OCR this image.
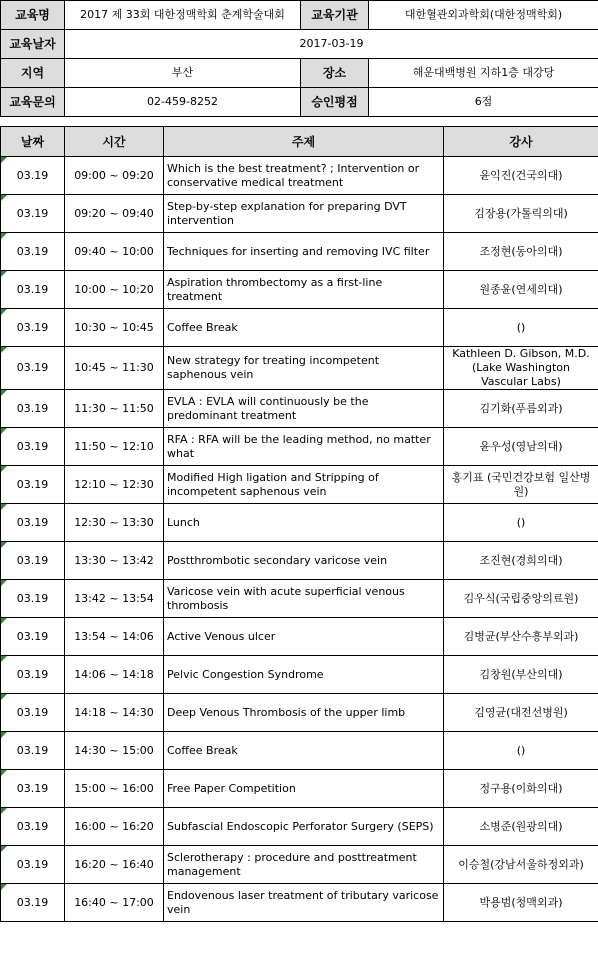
교육명	2017 제 33회 대한정맥학회 춘계학술대회	교육기관	대한혈관외과학회(대한정맥학회)
교육날자	2017-03-19		
지역	부산	장소	해운대백병원 지하1층 대강당
교육문의	02-459-8252	승인평점	6점
날짜	시간	주제	강사

03.19	09:00 ~ 09:20	Which is the best treatment? ; Intervention or conservative medical treatment	윤익진(건국의대)

03.19	09:20 ~ 09:40	Step-by-step explanation for preparing DVT intervention	김장용(가톨릭의대)

03.19	09:40 ~ 10:00	Techniques for inserting and removing IVC filter	조정현(동아의대)

03.19	10:00 ~ 10:20	Aspiration thrombectomy as a first-line treatment	원종윤(연세의대)

03.19	10:30 ~ 10:45	Coffee Break	()

03.19	10:45 ~ 11:30	New strategy for treating incompetent saphenous vein	Kathleen D. Gibson, M.D. (Lake Washington Vascular Labs)

03.19	11:30 ~ 11:50	EVLA : EVLA will continuously be the predominant treatment	김기화(푸름외과)

03.19	11:50 ~ 12:10	RFA : RFA will be the leading method, no matter what	윤우성(영남의대)

03.19	12:10 ~ 12:30	Modified High ligation and Stripping of incompetent saphenous vein	홍기표 (국민건강보험 일산병원)

03.19	12:30 ~ 13:30	Lunch	()

03.19	13:30 ~ 13:42	Postthrombotic secondary varicose vein	조진현(경희의대)

03.19	13:42 ~ 13:54	Varicose vein with acute superficial venous thrombosis	김우식(국립중앙의료원)

03.19	13:54 ~ 14:06	Active Venous ulcer	김병균(부산수흥부외과)

03.19	14:06 ~ 14:18	Pelvic Congestion Syndrome	김창원(부산의대)

03.19	14:18 ~ 14:30	Deep Venous Thrombosis of the upper limb	김영균(대전선병원)

03.19	14:30 ~ 15:00	Coffee Break	()

03.19	15:00 ~ 16:00	Free Paper Competition	정구용(이화의대)

03.19	16:00 ~ 16:20	Subfascial Endoscopic Perforator Surgery (SEPS)	소병준(원광의대)

03.19	16:20 ~ 16:40	Sclerotherapy : procedure and posttreatment management	이승철(강남서울하정외과)

03.19	16:40 ~ 17:00	Endovenous laser treatment of tributary varicose vein	박용범(청맥외과)
